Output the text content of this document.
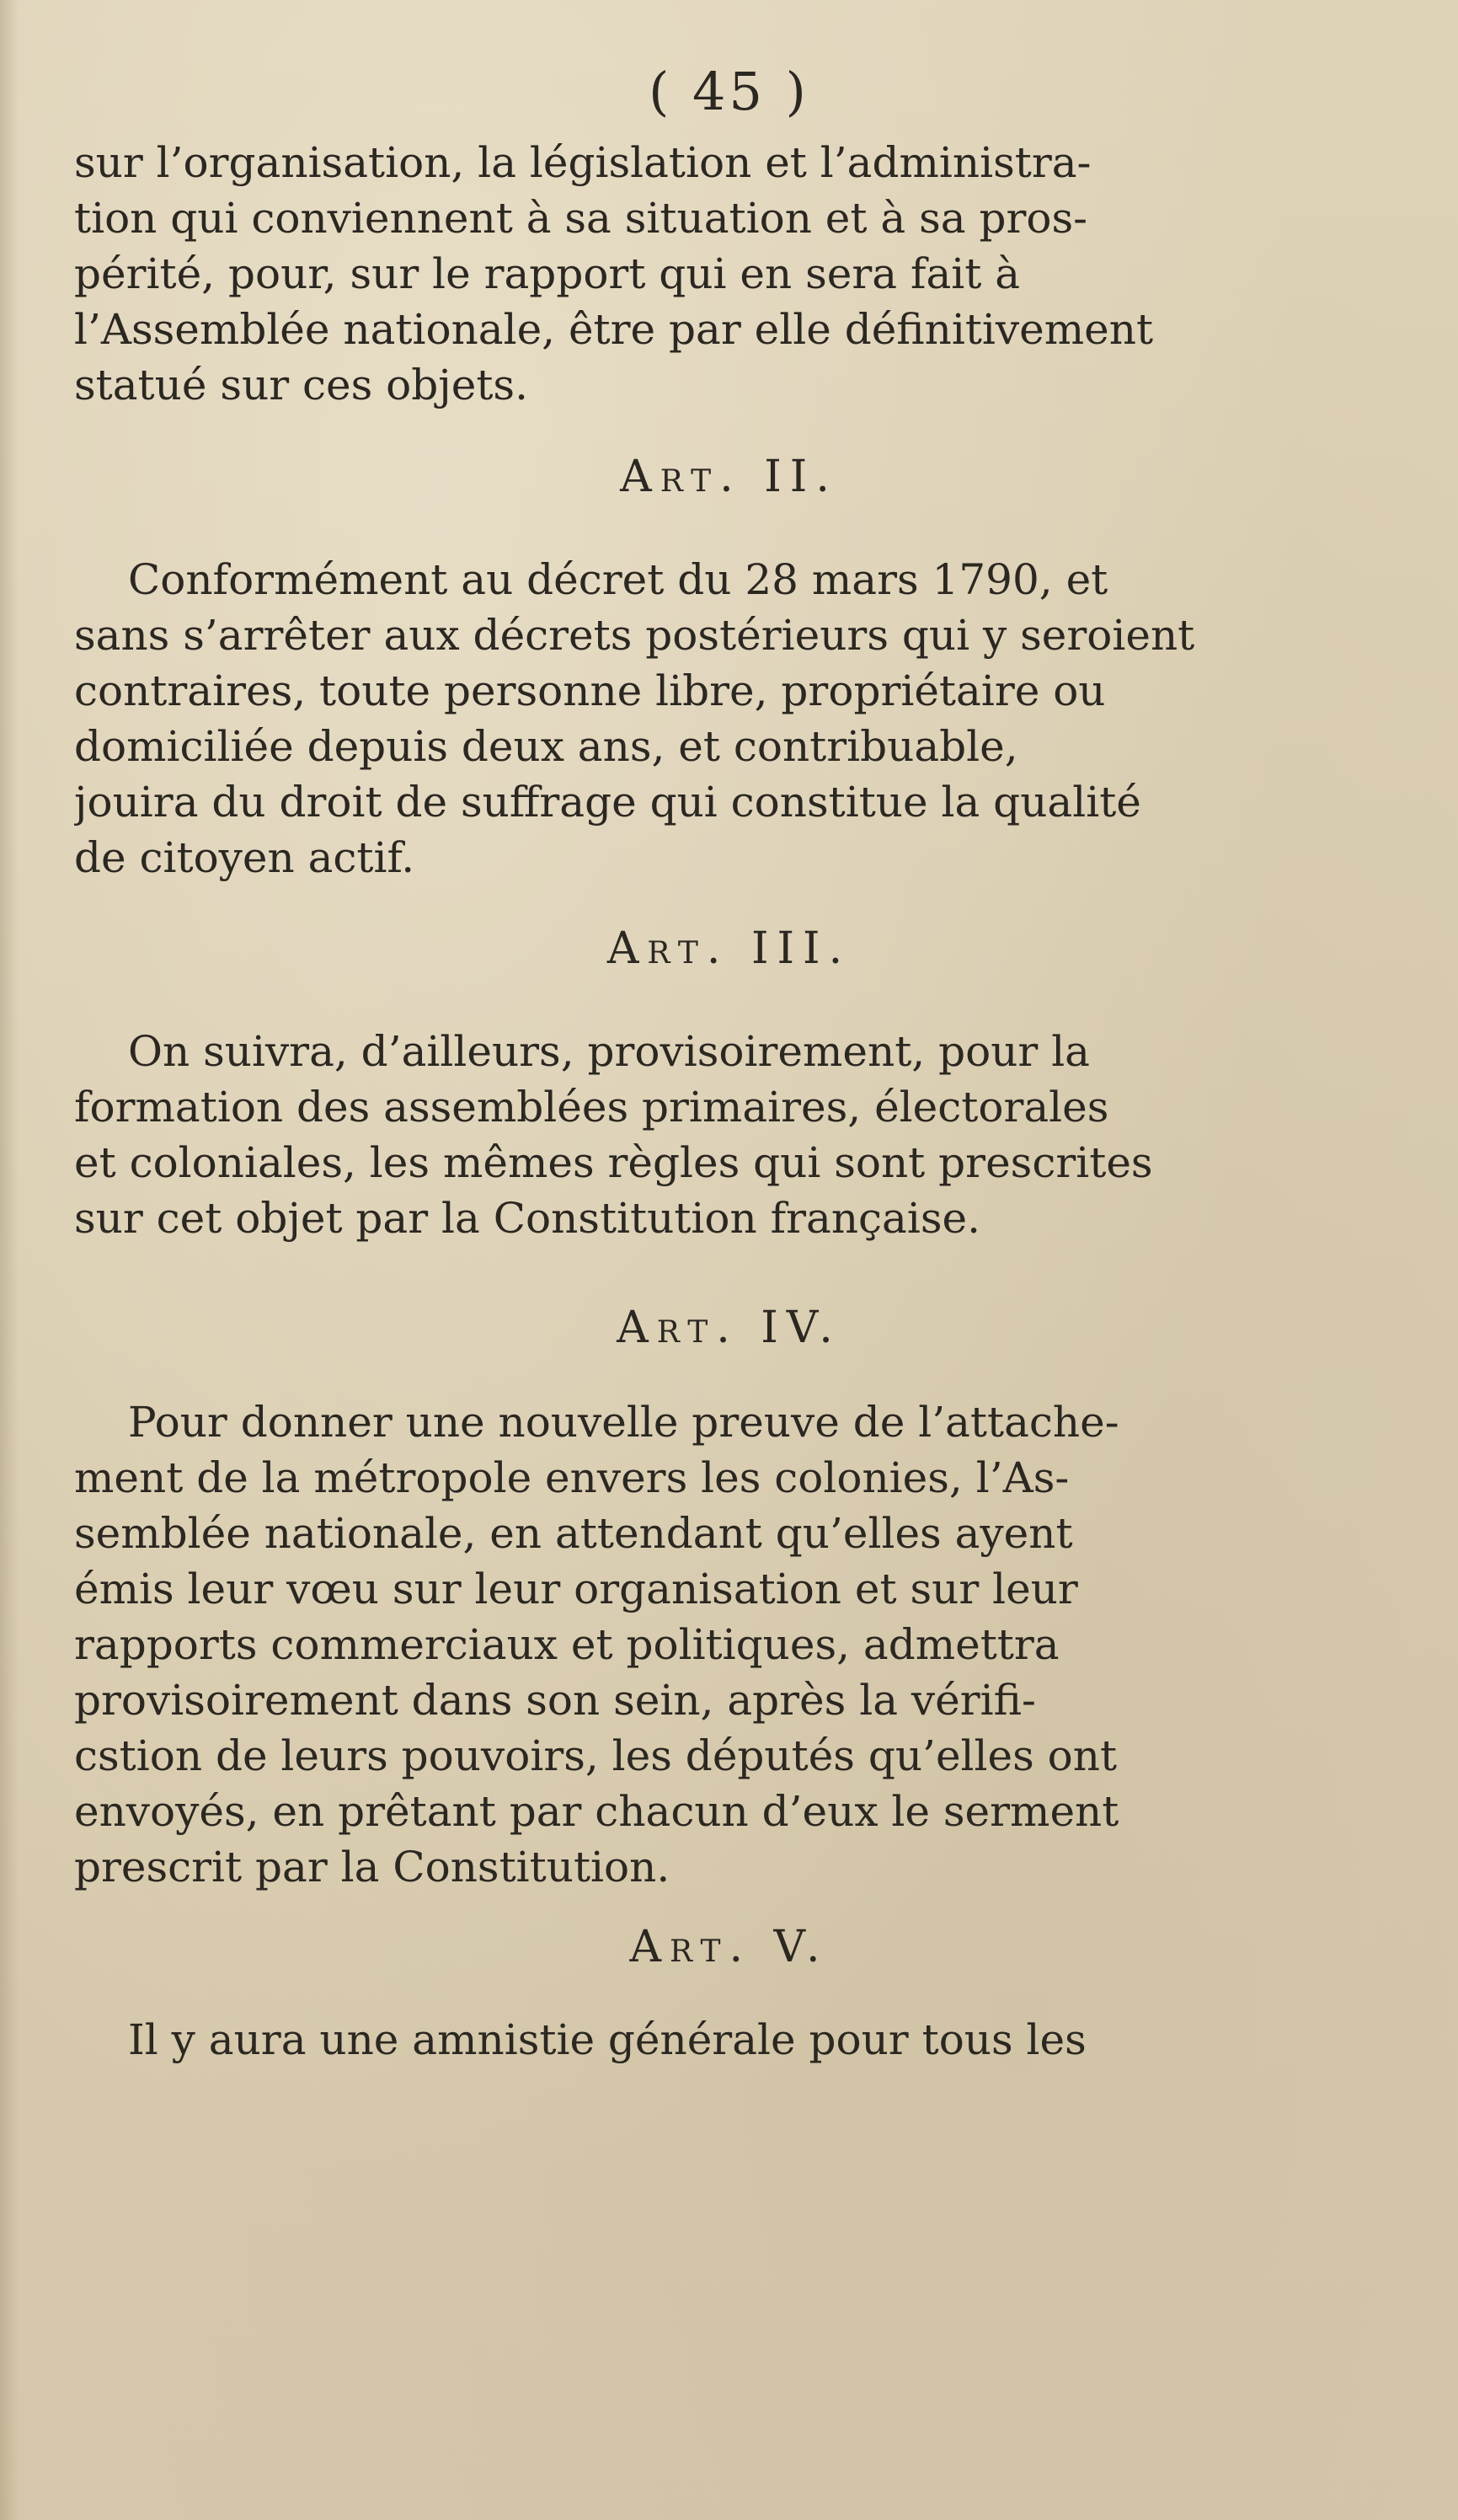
( 45 )
sur l’organisation, la législation et l’administra-
tion qui conviennent à sa situation et à sa pros-
périté, pour, sur le rapport qui en sera fait à
l’Assemblée nationale, être par elle définitivement
statué sur ces objets.
Art. II.
Conformément au décret du 28 mars 1790, et
sans s’arrêter aux décrets postérieurs qui y seroient
contraires, toute personne libre, propriétaire ou
domiciliée depuis deux ans, et contribuable,
jouira du droit de suffrage qui constitue la qualité
de citoyen actif.
Art. III.
On suivra, d’ailleurs, provisoirement, pour la
formation des assemblées primaires, électorales
et coloniales, les mêmes règles qui sont prescrites
sur cet objet par la Constitution française.
Art. IV.
Pour donner une nouvelle preuve de l’attache-
ment de la métropole envers les colonies, l’As-
semblée nationale, en attendant qu’elles ayent
émis leur vœu sur leur organisation et sur leur
rapports commerciaux et politiques, admettra
provisoirement dans son sein, après la vérifi-
cstion de leurs pouvoirs, les députés qu’elles ont
envoyés, en prêtant par chacun d’eux le serment
prescrit par la Constitution.
Art. V.
Il y aura une amnistie générale pour tous les
